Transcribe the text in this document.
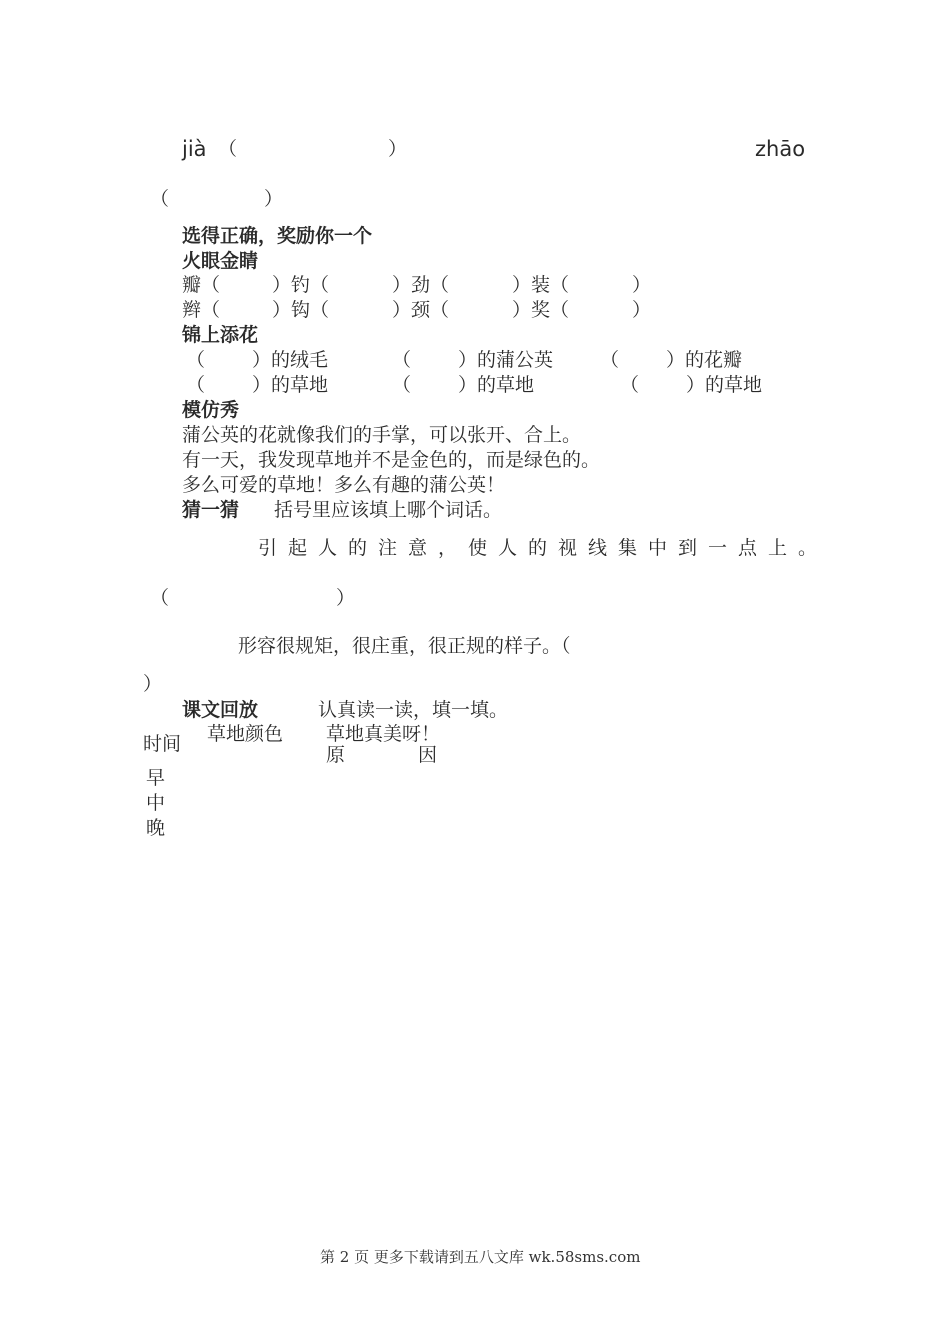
jià （	）	zhāo
（　　　　　）
选得正确，奖励你一个
火眼金睛
瓣（	）钓（	）劲（	）装（	）
辫（	）钩（	）颈（	）奖（	）
锦上添花
（ ）的绒毛	（ ）的蒲公英 （ ）的花瓣
（ ）的草地	（ ）的草地	（ ）的草地
模仿秀
蒲公英的花就像我们的手掌，可以张开、合上。
有一天，我发现草地并不是金色的，而是绿色的。
多么可爱的草地！多么有趣的蒲公英！
猜一猜 括号里应该填上哪个词话。
引起人的注意，使人的视线集中到一点上。
（	）
形容很规矩，很庄重，很正规的样子。（
）
课文回放	认真读一读，填一填。
时间 草地颜色 草地真美呀！
原	因
早
中
晚
第 2 页 更多下载请到五八文库 wk.58sms.com
